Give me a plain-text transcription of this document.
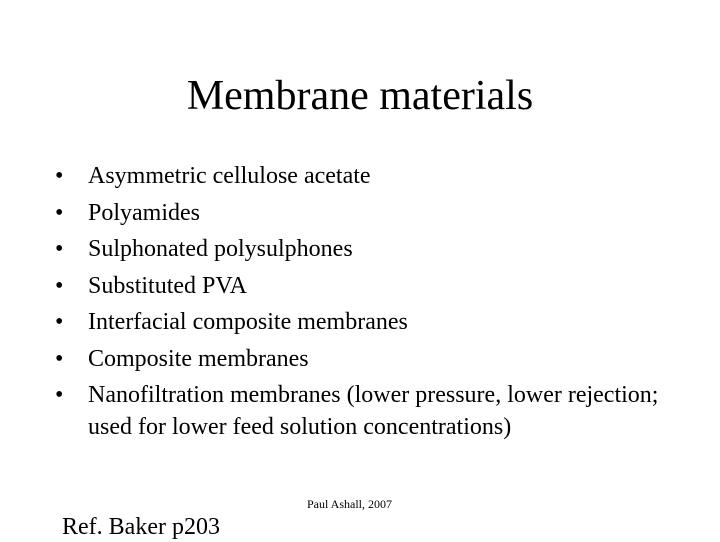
Membrane materials
• Asymmetric cellulose acetate
• Polyamides
• Sulphonated polysulphones
• Substituted PVA
• Interfacial composite membranes
• Composite membranes
• Nanofiltration membranes (lower pressure, lower rejection; used for lower feed solution concentrations)
Paul Ashall, 2007
Ref. Baker p203
